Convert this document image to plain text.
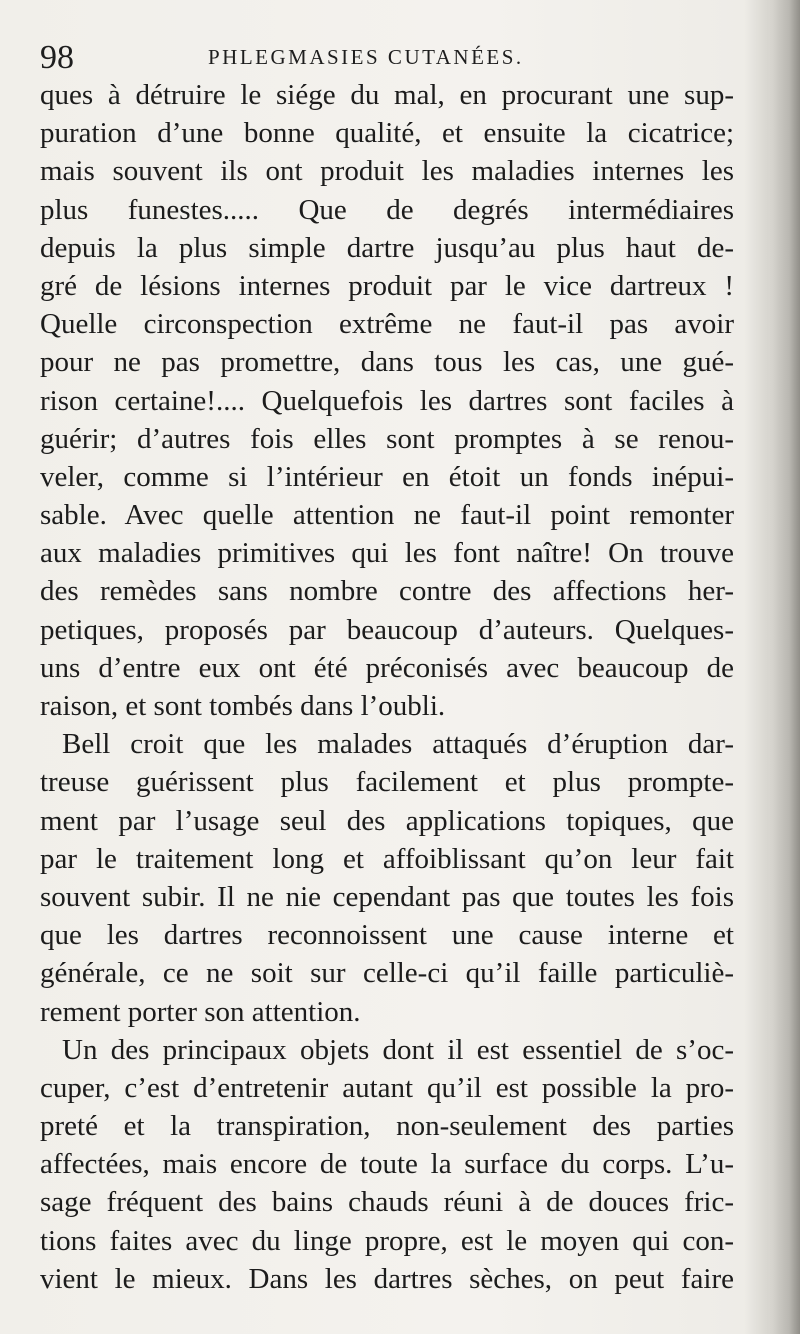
98	PHLEGMASIES CUTANÉES.
ques à détruire le siége du mal, en procurant une sup-
puration d’une bonne qualité, et ensuite la cicatrice;
mais souvent ils ont produit les maladies internes les
plus funestes..... Que de degrés intermédiaires
depuis la plus simple dartre jusqu’au plus haut de-
gré de lésions internes produit par le vice dartreux !
Quelle circonspection extrême ne faut-il pas avoir
pour ne pas promettre, dans tous les cas, une gué-
rison certaine!.... Quelquefois les dartres sont faciles à
guérir; d’autres fois elles sont promptes à se renou-
veler, comme si l’intérieur en étoit un fonds inépui-
sable. Avec quelle attention ne faut-il point remonter
aux maladies primitives qui les font naître! On trouve
des remèdes sans nombre contre des affections her-
petiques, proposés par beaucoup d’auteurs. Quelques-
uns d’entre eux ont été préconisés avec beaucoup de
raison, et sont tombés dans l’oubli.
Bell croit que les malades attaqués d’éruption dar-
treuse guérissent plus facilement et plus prompte-
ment par l’usage seul des applications topiques, que
par le traitement long et affoiblissant qu’on leur fait
souvent subir. Il ne nie cependant pas que toutes les fois
que les dartres reconnoissent une cause interne et
générale, ce ne soit sur celle-ci qu’il faille particuliè-
rement porter son attention.
Un des principaux objets dont il est essentiel de s’oc-
cuper, c’est d’entretenir autant qu’il est possible la pro-
preté et la transpiration, non-seulement des parties
affectées, mais encore de toute la surface du corps. L’u-
sage fréquent des bains chauds réuni à de douces fric-
tions faites avec du linge propre, est le moyen qui con-
vient le mieux. Dans les dartres sèches, on peut faire
